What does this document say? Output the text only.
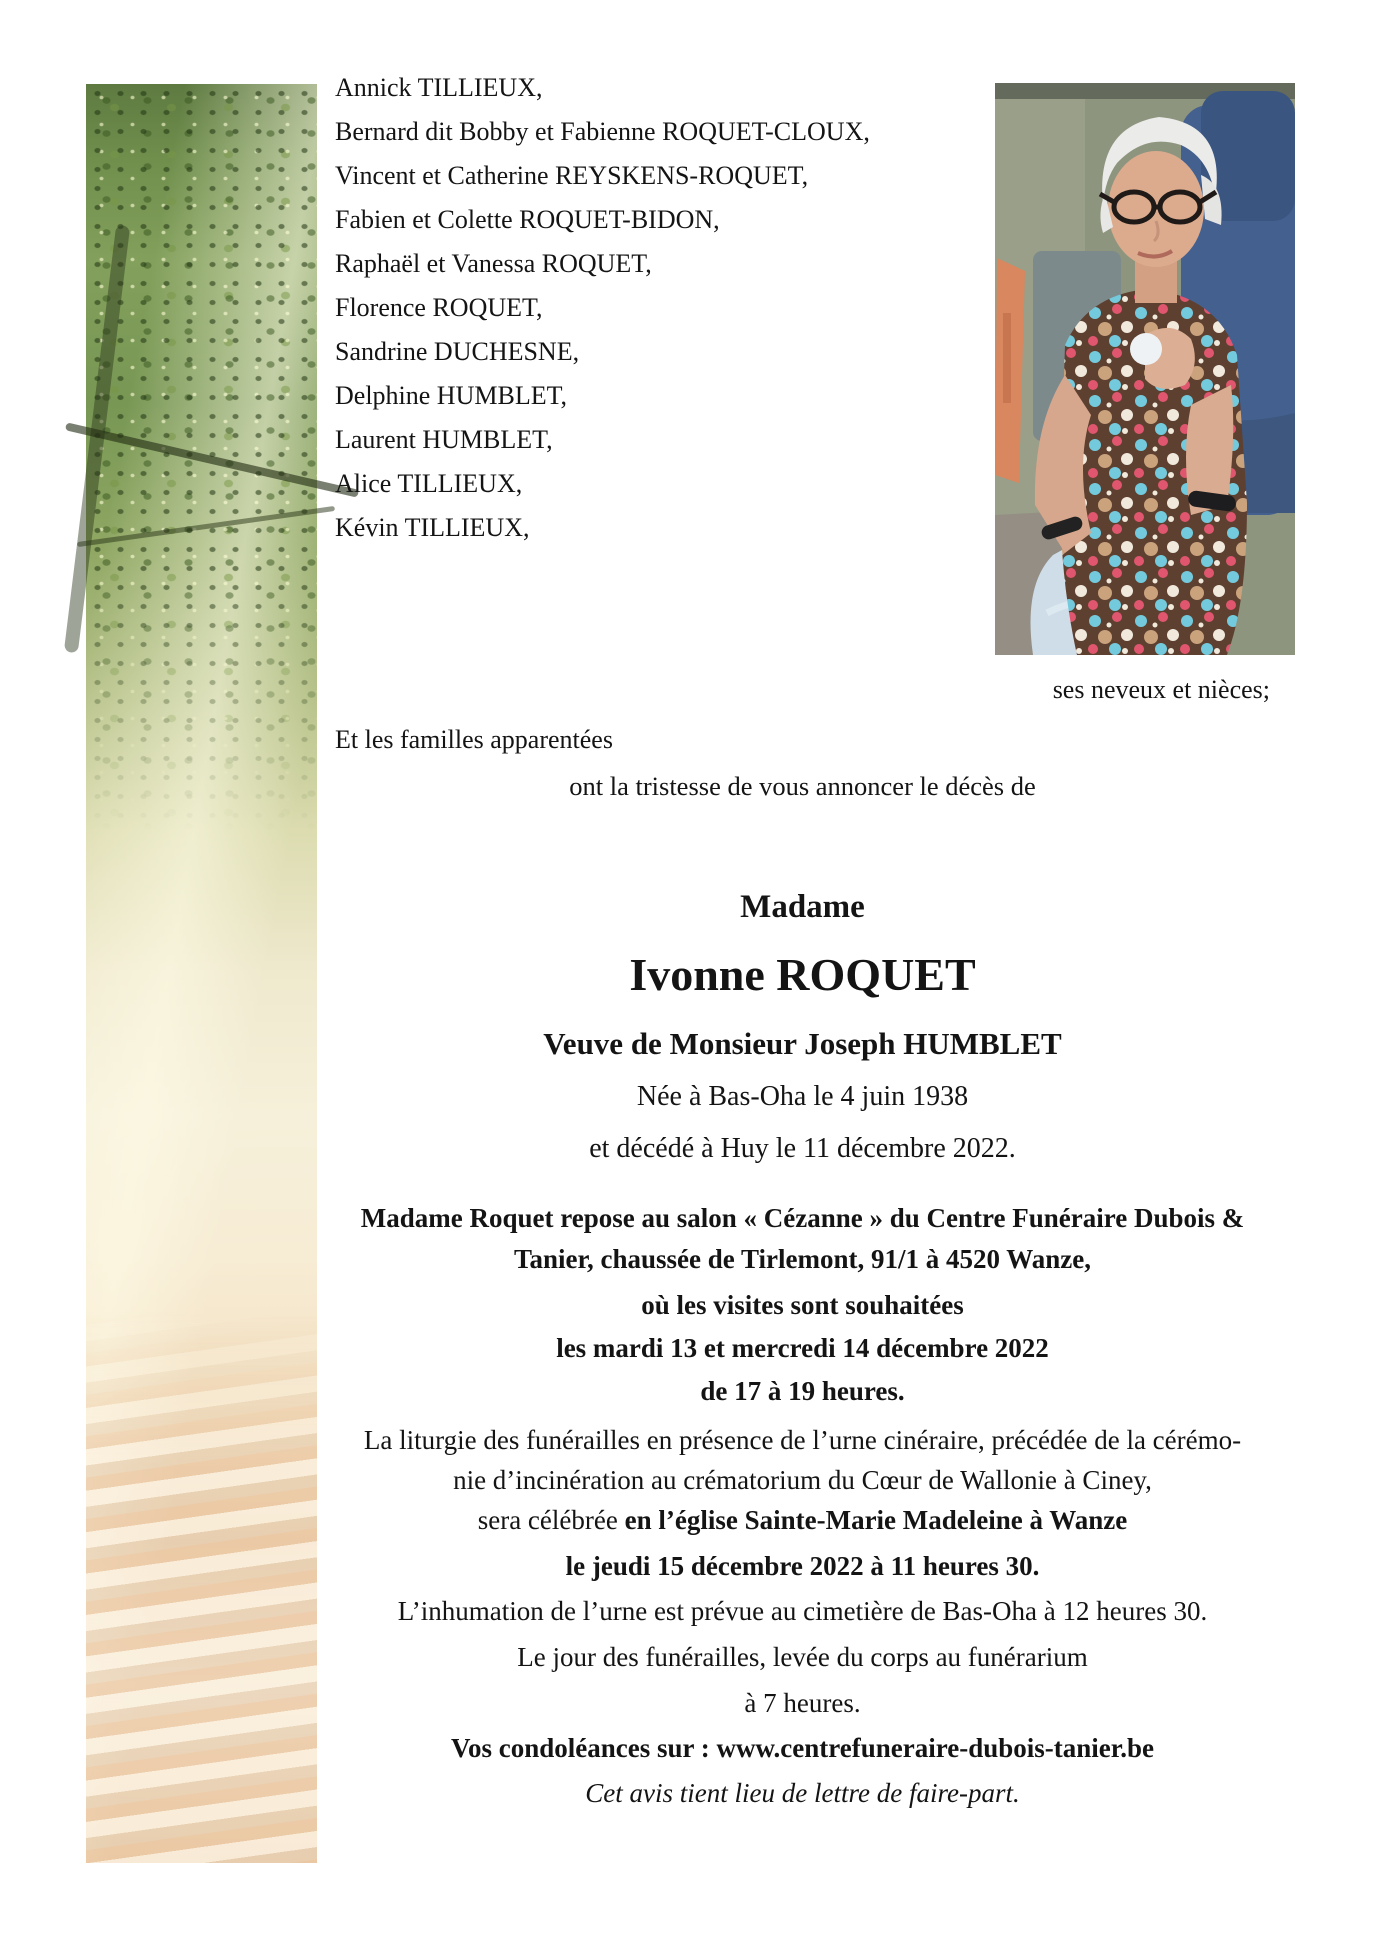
Annick TILLIEUX,

Bernard dit Bobby et Fabienne ROQUET-CLOUX,

Vincent et Catherine REYSKENS-ROQUET,

Fabien et Colette ROQUET-BIDON,

Raphaël et Vanessa ROQUET,

Florence ROQUET,

Sandrine DUCHESNE,

Delphine HUMBLET,

Laurent HUMBLET,

Alice TILLIEUX,

Kévin TILLIEUX,

ses neveux et nièces;

Et les familles apparentées

ont la tristesse de vous annoncer le décès de

Madame

Ivonne ROQUET

Veuve de Monsieur Joseph HUMBLET

Née à Bas-Oha le 4 juin 1938

et décédé à Huy le 11 décembre 2022.

Madame Roquet repose au salon « Cézanne » du Centre Funéraire Dubois &

Tanier, chaussée de Tirlemont, 91/1 à 4520 Wanze,

où les visites sont souhaitées

les mardi 13 et mercredi 14 décembre 2022

de 17 à 19 heures.

La liturgie des funérailles en présence de l’urne cinéraire, précédée de la cérémo-

nie d’incinération au crématorium du Cœur de Wallonie à Ciney,

sera célébrée en l’église Sainte-Marie Madeleine à Wanze

le jeudi 15 décembre 2022 à 11 heures 30.

L’inhumation de l’urne est prévue au cimetière de Bas-Oha à 12 heures 30.

Le jour des funérailles, levée du corps au funérarium

à 7 heures.

Vos condoléances sur : www.centrefuneraire-dubois-tanier.be

Cet avis tient lieu de lettre de faire-part.
